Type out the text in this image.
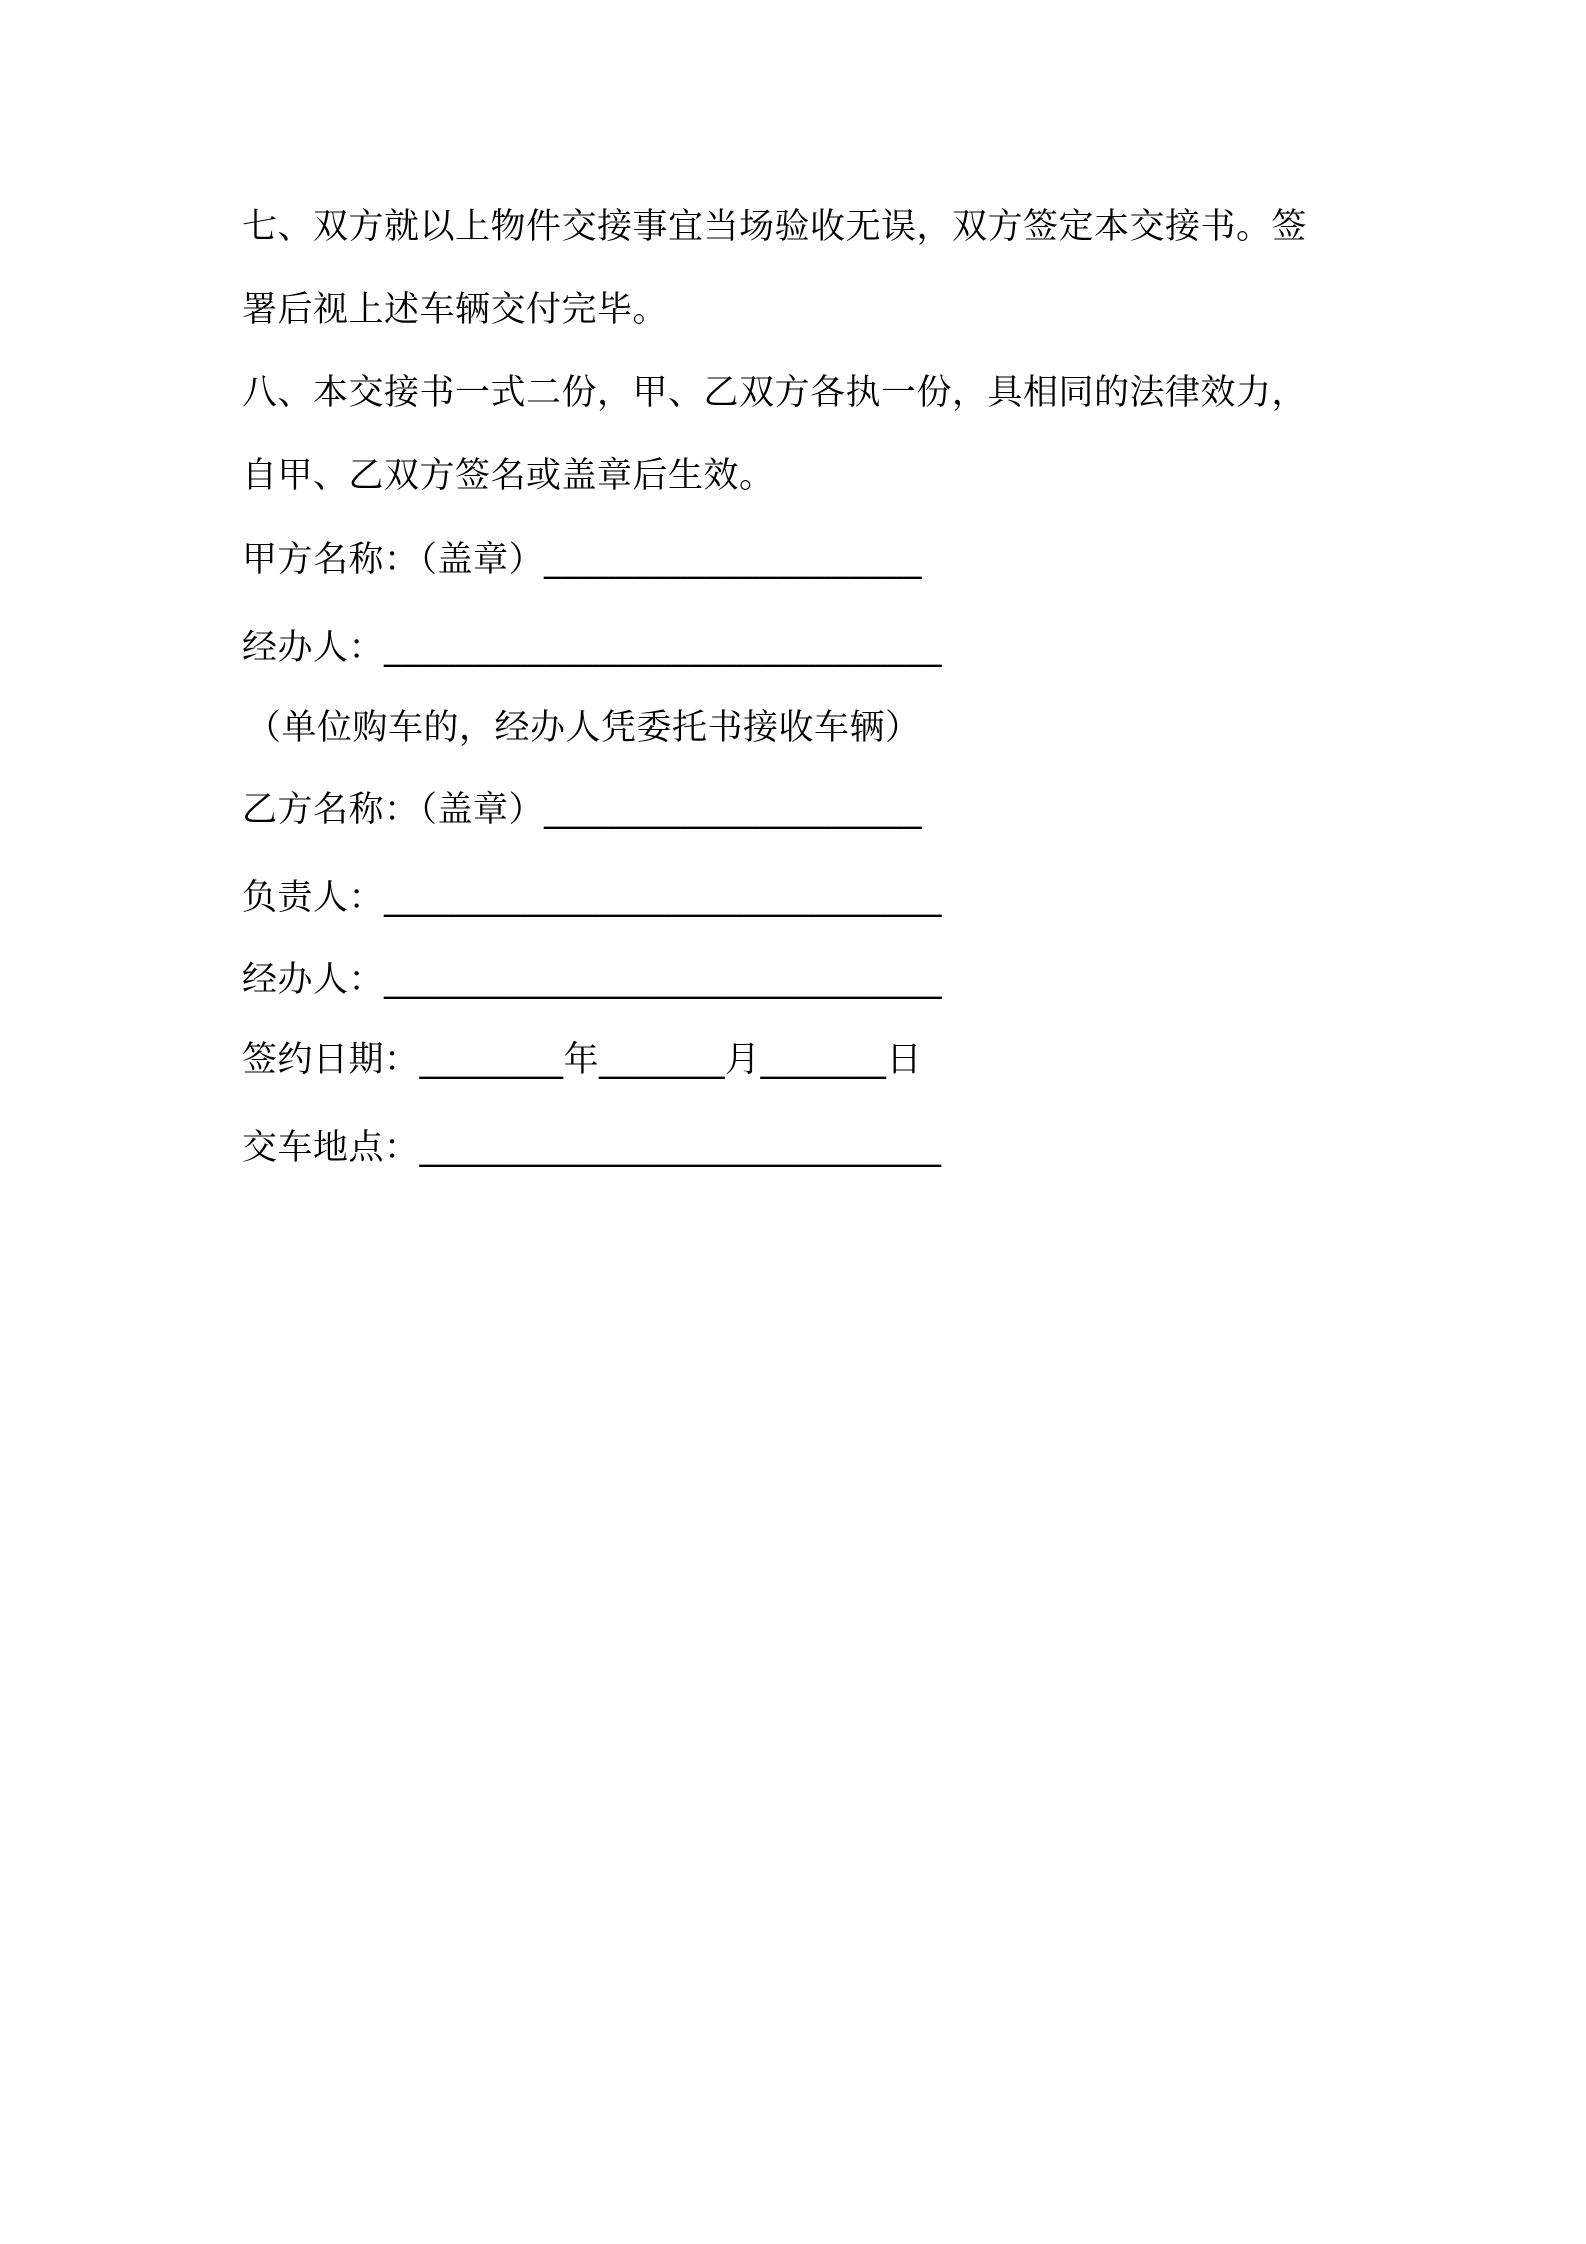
七、双方就以上物件交接事宜当场验收无误，双方签定本交接书。签

署后视上述车辆交付完毕。

八、本交接书一式二份，甲、乙双方各执一份，具相同的法律效力，

自甲、乙双方签名或盖章后生效。

甲方名称：（盖章）_____________________

经办人：_______________________________

（单位购车的，经办人凭委托书接收车辆）

乙方名称：（盖章）_____________________

负责人：_______________________________

经办人：_______________________________

签约日期：________年_______月_______日

交车地点：_____________________________
